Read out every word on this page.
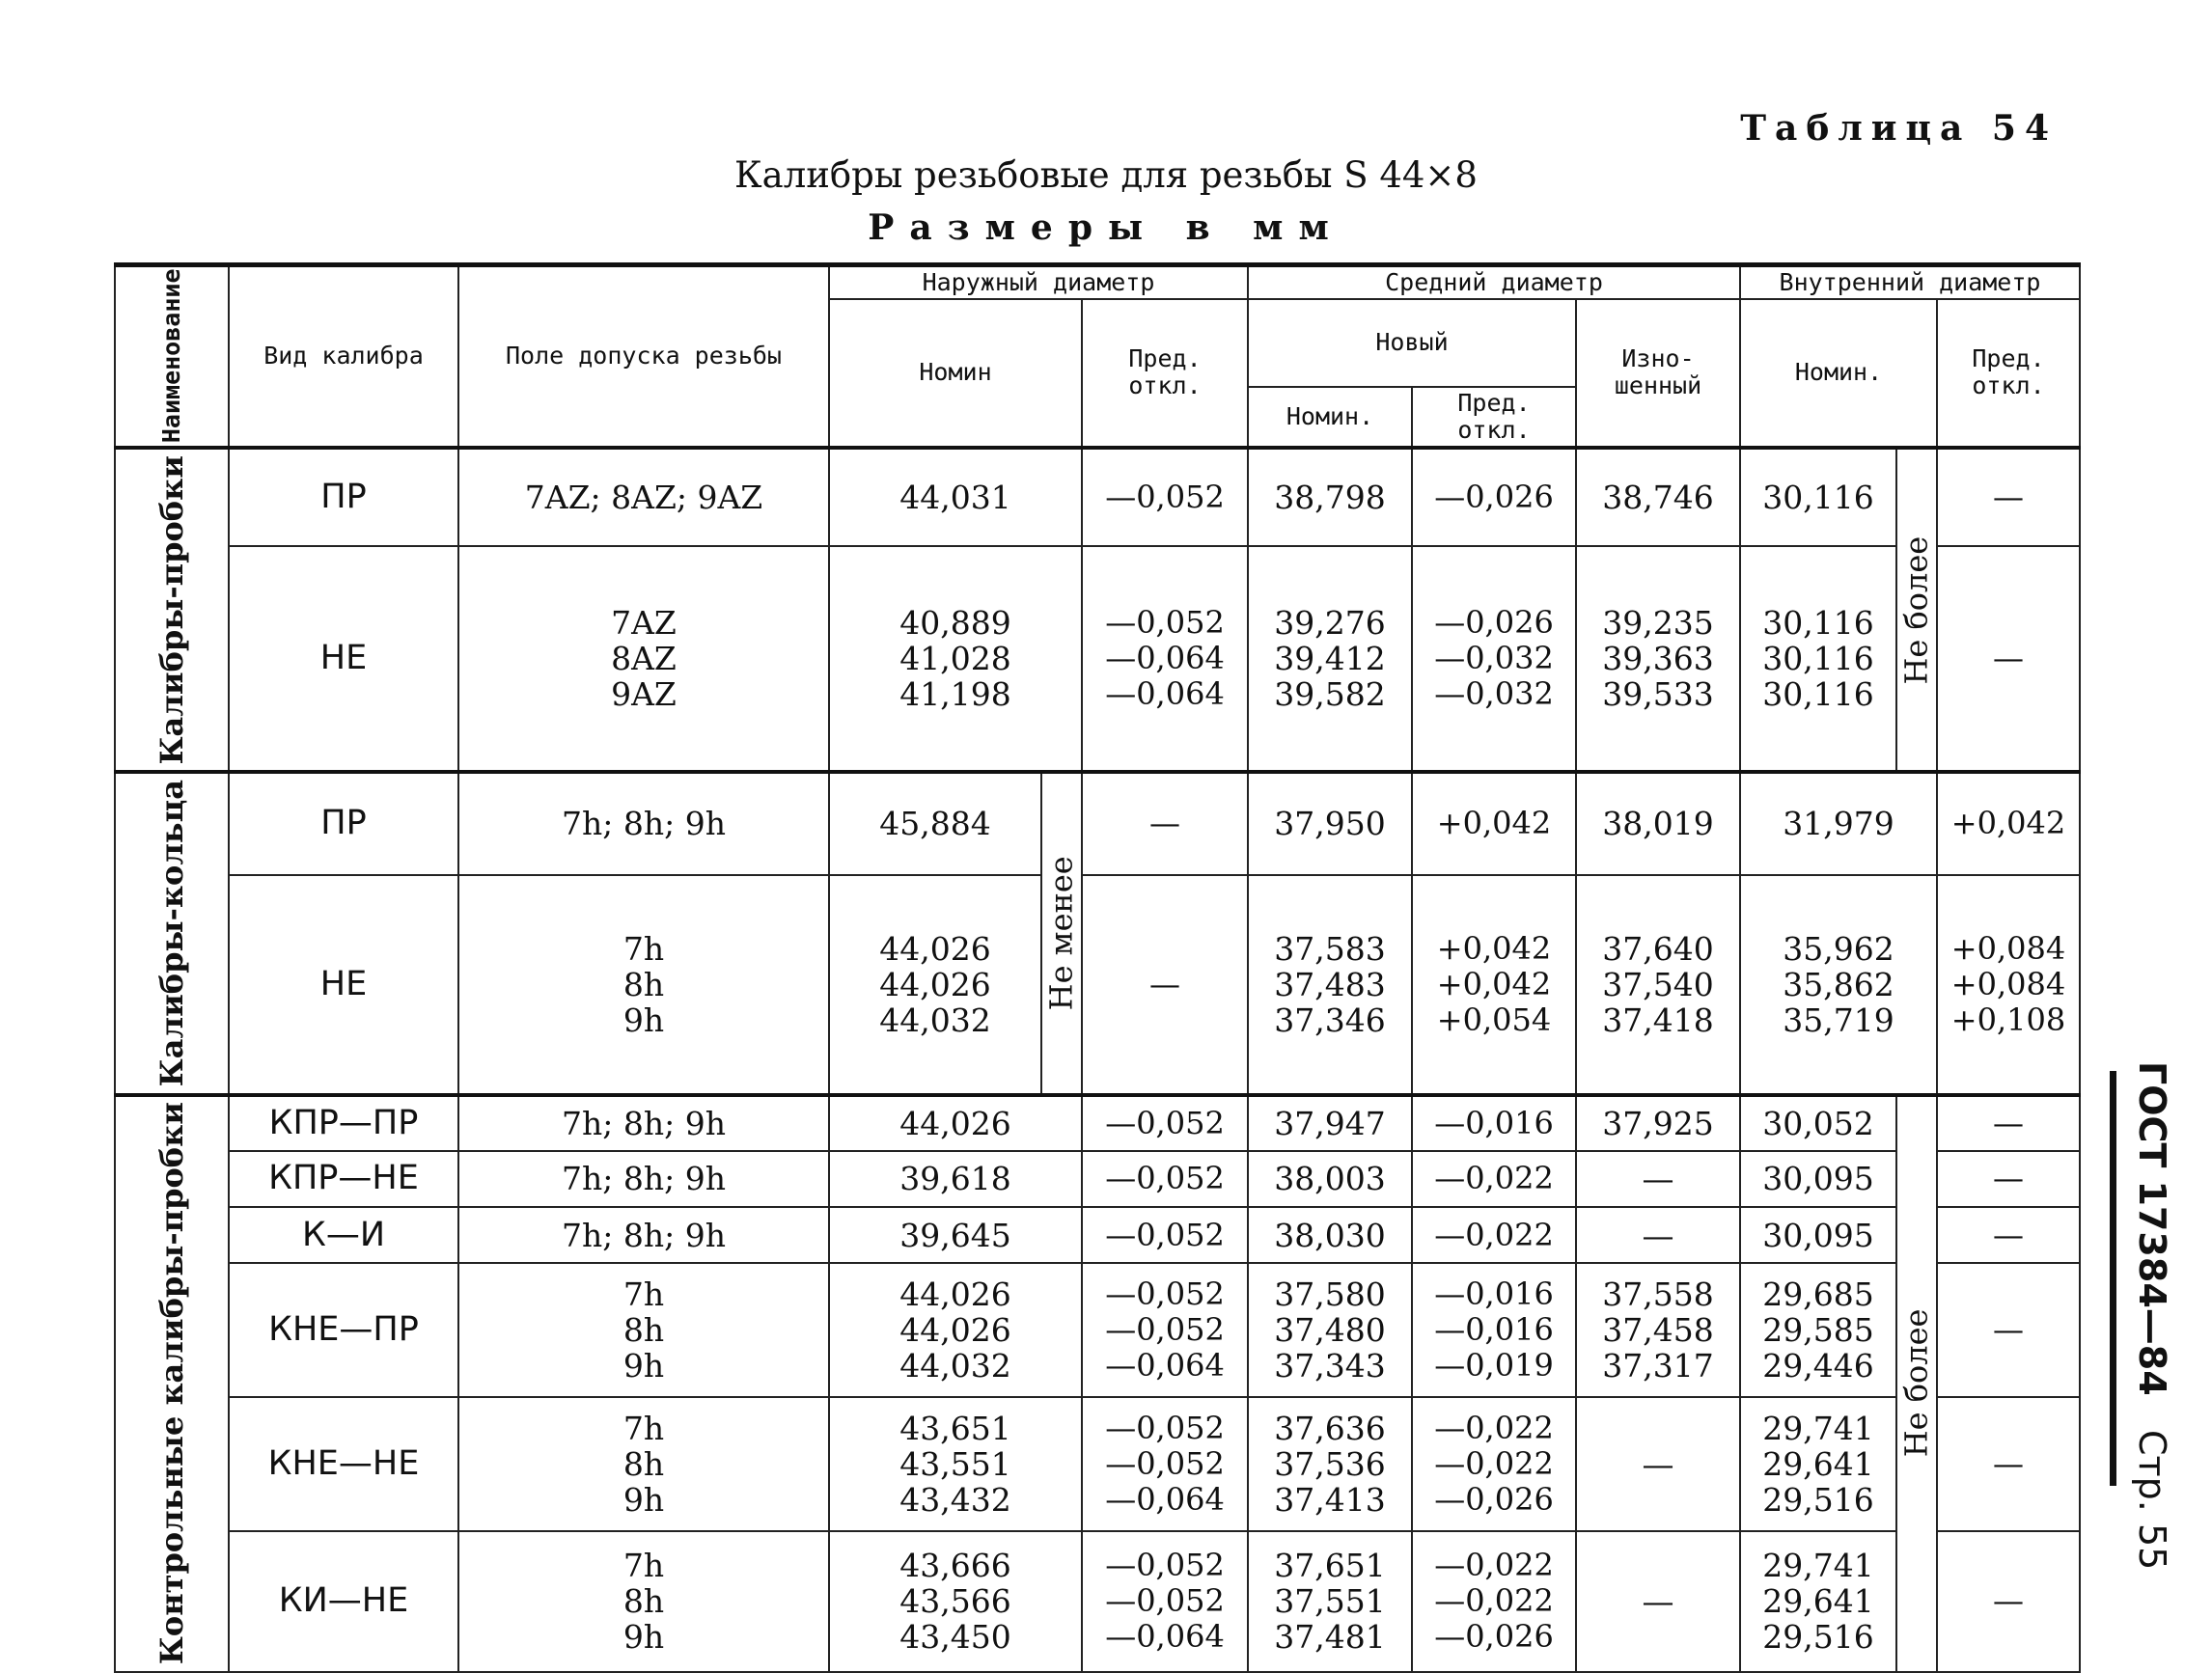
Таблица 54
Калибры резьбовые для резьбы S 44×8
Размеры в мм
ГОСТ 17384—84 Стр. 55
Наименование	Вид калибра	Поле допуска резьбы	Наружный диаметр			Средний диаметр			Внутренний диаметр		
			Номин		Пред. откл.	Новый		Изно-шенный	Номин.		Пред. откл.
						Номин.	Пред. откл.				
Калибры-пробки	ПР	7AZ; 8AZ; 9AZ	44,031		—0,052	38,798	—0,026	38,746	30,116	Не более	—
	НЕ	7AZ
8AZ
9AZ	40,889
41,028
41,198		—0,052
—0,064
—0,064	39,276
39,412
39,582	—0,026
—0,032
—0,032	39,235
39,363
39,533	30,116
30,116
30,116		—
Калибры-кольца	ПР	7h; 8h; 9h	45,884	Не менее	—	37,950	+0,042	38,019	31,979		+0,042
	НЕ	7h
8h
9h	44,026
44,026
44,032		—	37,583
37,483
37,346	+0,042
+0,042
+0,054	37,640
37,540
37,418	35,962
35,862
35,719		+0,084
+0,084
+0,108
Контрольные калибры-пробки	КПР—ПР	7h; 8h; 9h	44,026		—0,052	37,947	—0,016	37,925	30,052	Не более	—
	КПР—НЕ	7h; 8h; 9h	39,618		—0,052	38,003	—0,022	—	30,095		—
	К—И	7h; 8h; 9h	39,645		—0,052	38,030	—0,022	—	30,095		—
	КНЕ—ПР	7h
8h
9h	44,026
44,026
44,032		—0,052
—0,052
—0,064	37,580
37,480
37,343	—0,016
—0,016
—0,019	37,558
37,458
37,317	29,685
29,585
29,446		—
	КНЕ—НЕ	7h
8h
9h	43,651
43,551
43,432		—0,052
—0,052
—0,064	37,636
37,536
37,413	—0,022
—0,022
—0,026	—	29,741
29,641
29,516		—
	КИ—НЕ	7h
8h
9h	43,666
43,566
43,450		—0,052
—0,052
—0,064	37,651
37,551
37,481	—0,022
—0,022
—0,026	—	29,741
29,641
29,516		—
